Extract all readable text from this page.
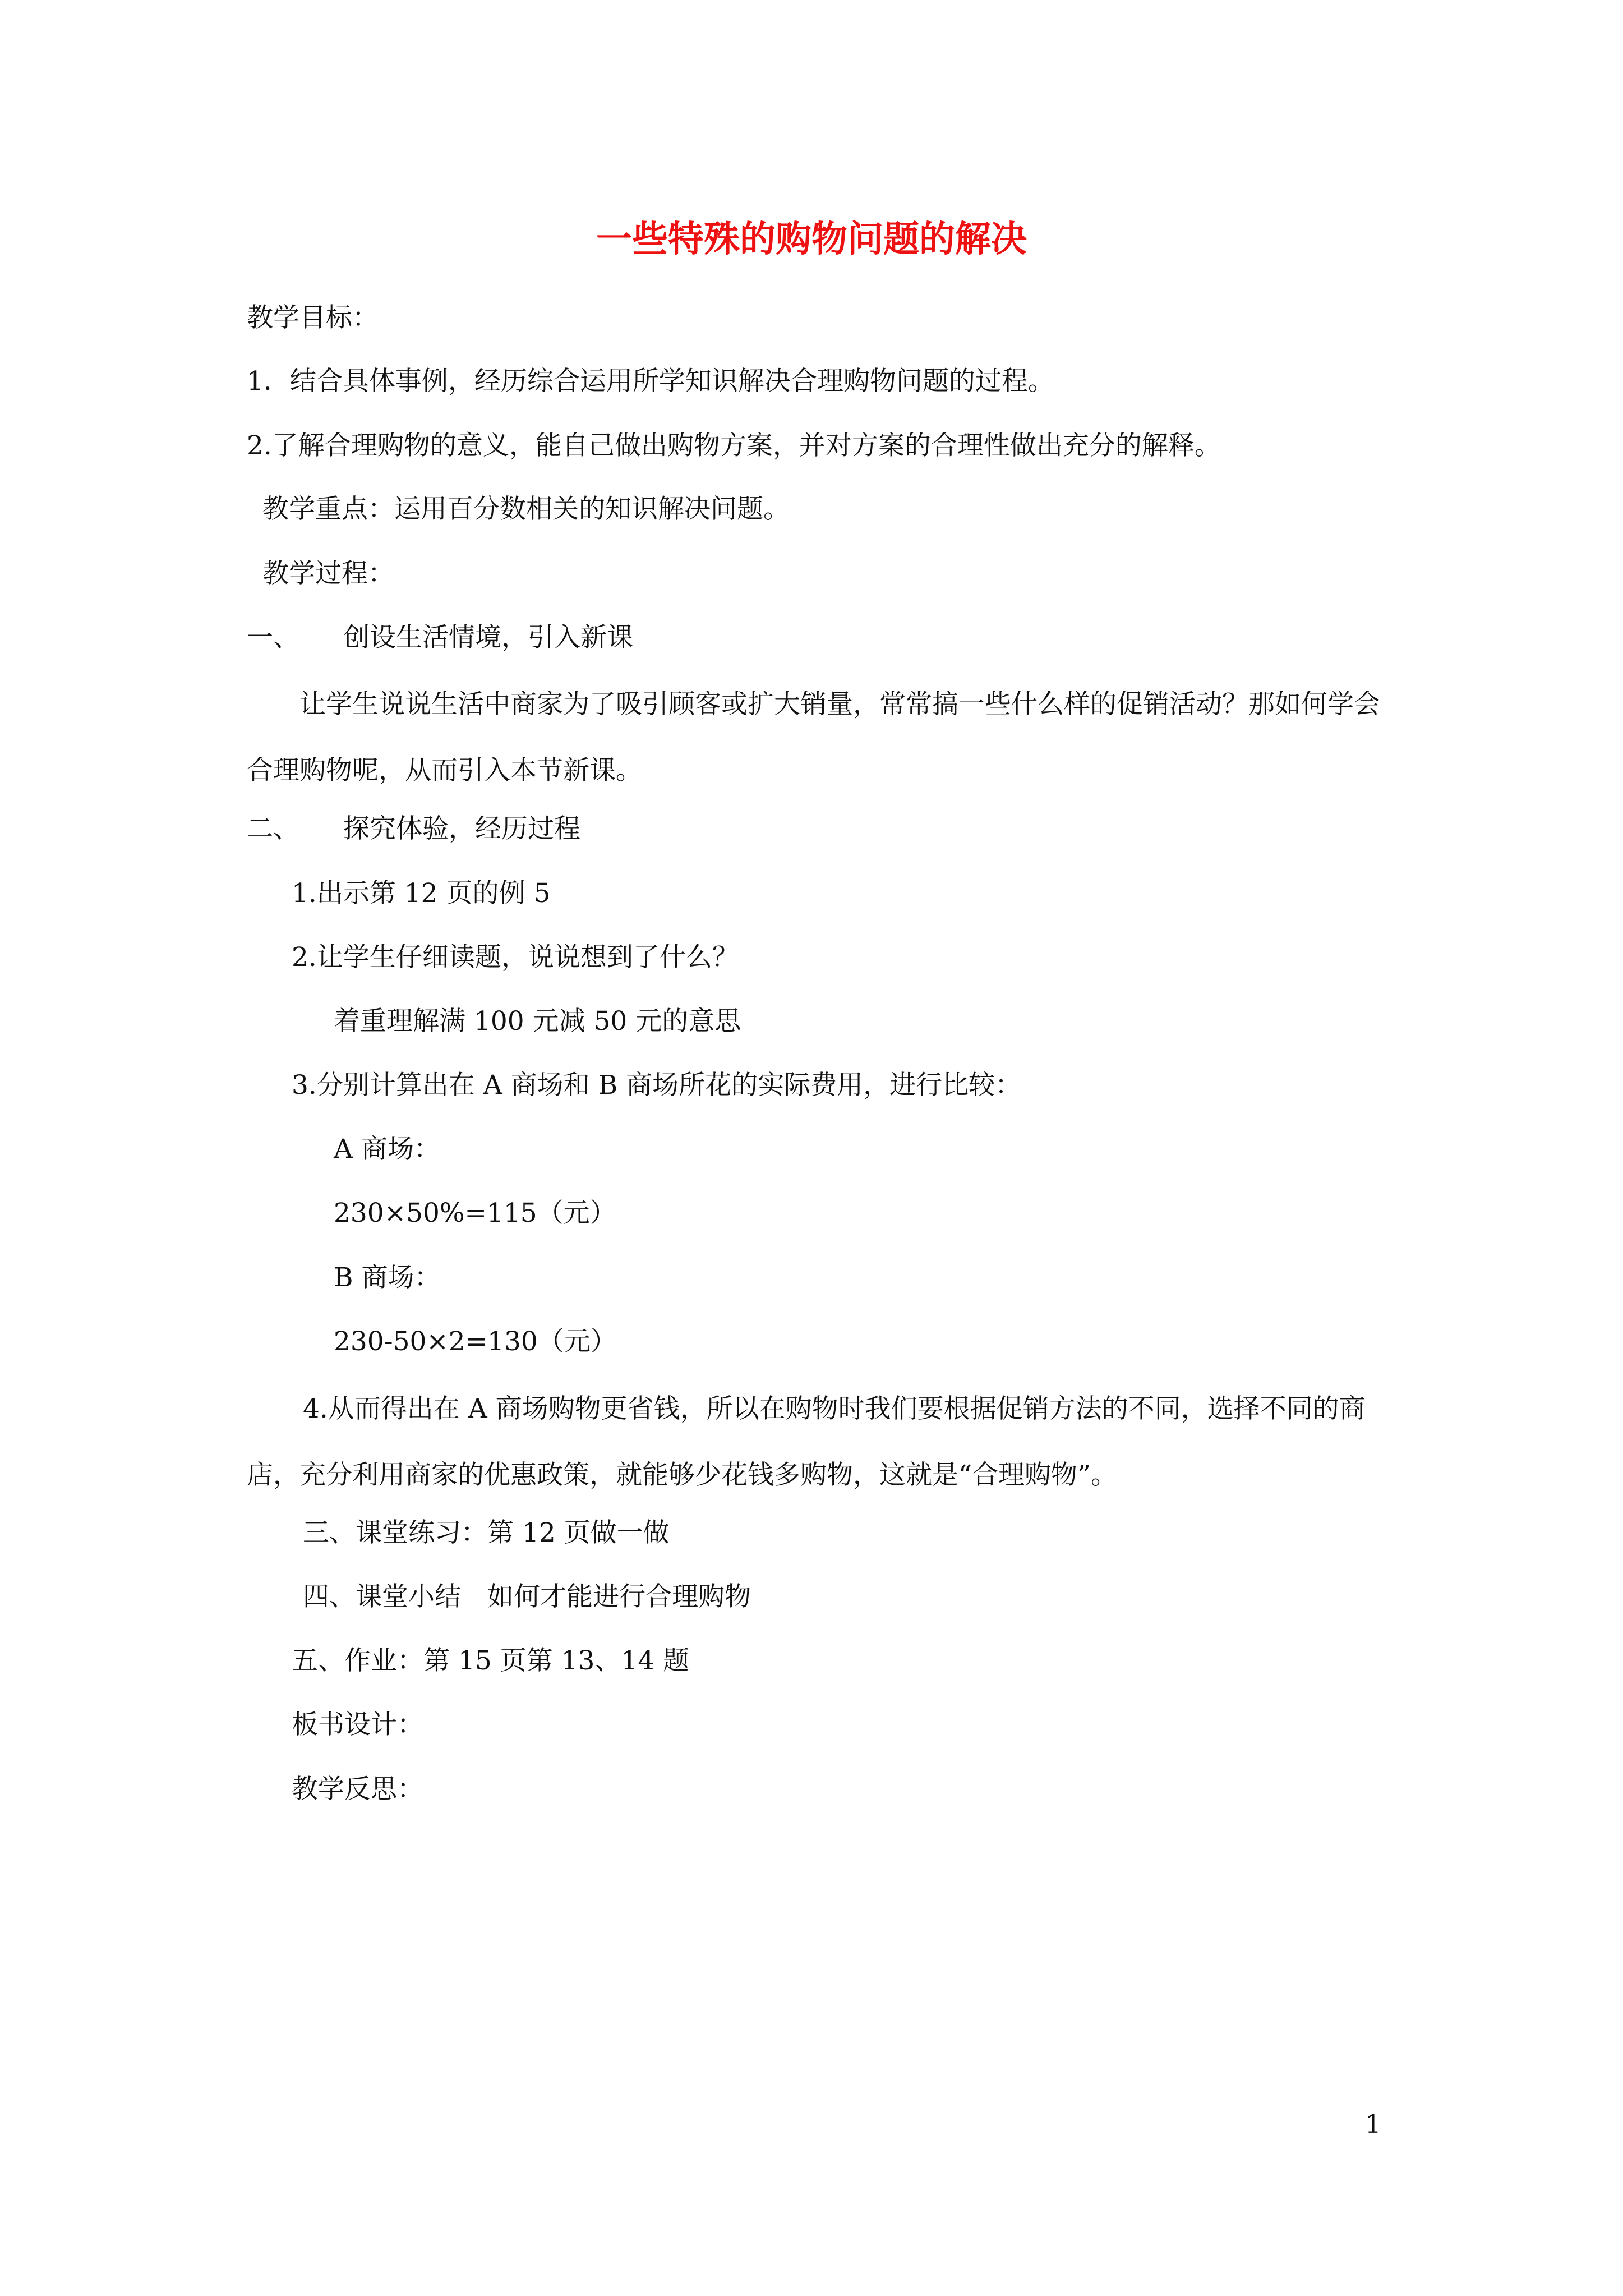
一些特殊的购物问题的解决
教学目标：
1．结合具体事例，经历综合运用所学知识解决合理购物问题的过程。
2.了解合理购物的意义，能自己做出购物方案，并对方案的合理性做出充分的解释。
教学重点：运用百分数相关的知识解决问题。
教学过程：
一、 创设生活情境，引入新课
让学生说说生活中商家为了吸引顾客或扩大销量，常常搞一些什么样的促销活动？那如何学会合理购物呢，从而引入本节新课。
二、 探究体验，经历过程
1.出示第 12 页的例 5
2.让学生仔细读题，说说想到了什么？
着重理解满 100 元减 50 元的意思
3.分别计算出在 A 商场和 B 商场所花的实际费用，进行比较：
A 商场：
230×50%=115（元）
B 商场：
230-50×2=130（元）
4.从而得出在 A 商场购物更省钱，所以在购物时我们要根据促销方法的不同，选择不同的商店，充分利用商家的优惠政策，就能够少花钱多购物，这就是“合理购物”。
三、课堂练习：第 12 页做一做
四、课堂小结　如何才能进行合理购物
五、作业：第 15 页第 13、14 题
板书设计：
教学反思：
1
